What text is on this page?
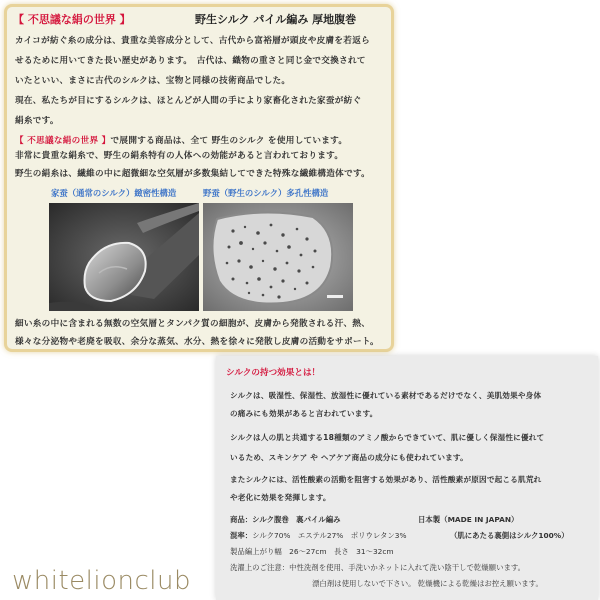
【 不思議な絹の世界 】	野生シルク パイル編み 厚地腹巻

カイコが紡ぐ糸の成分は、貴重な美容成分として、古代から富裕層が頭皮や皮膚を若返ら

せるために用いてきた長い歴史があります。　古代は、織物の重さと同じ金で交換されて

いたといい、まさに古代のシルクは、宝物と同様の技術商品でした。

現在、私たちが目にするシルクは、ほとんどが人間の手により家畜化された家蚕が紡ぐ

絹糸です。

【 不思議な絹の世界 】で展開する商品は、全て 野生のシルク を使用しています。

非常に貴重な絹糸で、野生の絹糸特有の人体への効能があると言われております。

野生の絹糸は、繊維の中に超微細な空気層が多数集結してできた特殊な繊維構造体です。

家蚕（通常のシルク）緻密性構造	野蚕（野生のシルク）多孔性構造

細い糸の中に含まれる無数の空気層とタンパク質の細胞が、皮膚から発散される汗、熱、

様々な分泌物や老廃を吸収、余分な蒸気、水分、熱を徐々に発散し皮膚の活動をサポート。

シルクの持つ効果とは！
シルクは、吸湿性、保湿性、放湿性に優れている素材であるだけでなく、美肌効果や身体
の痛みにも効果があると言われています。
シルクは人の肌と共通する18種類のアミノ酸からできていて、肌に優しく保湿性に優れて
いるため、スキンケア や ヘアケア商品の成分にも使われています。
またシルクには、活性酸素の活動を阻害する効果があり、活性酸素が原因で起こる肌荒れ
や老化に効果を発揮します。
商品：シルク腹巻　裏パイル編み	日本製（MADE IN JAPAN）
混率：シルク70%　エステル27%　ポリウレタン3%	（肌にあたる裏側はシルク100%）
製品編上がり幅　26～27cm　長さ　31～32cm
洗濯上のご注意：中性洗剤を使用、手洗いかネットに入れて洗い陰干しで乾燥願います。
漂白剤は使用しないで下さい。 乾燥機による乾燥はお控え願います。
whitelionclub
